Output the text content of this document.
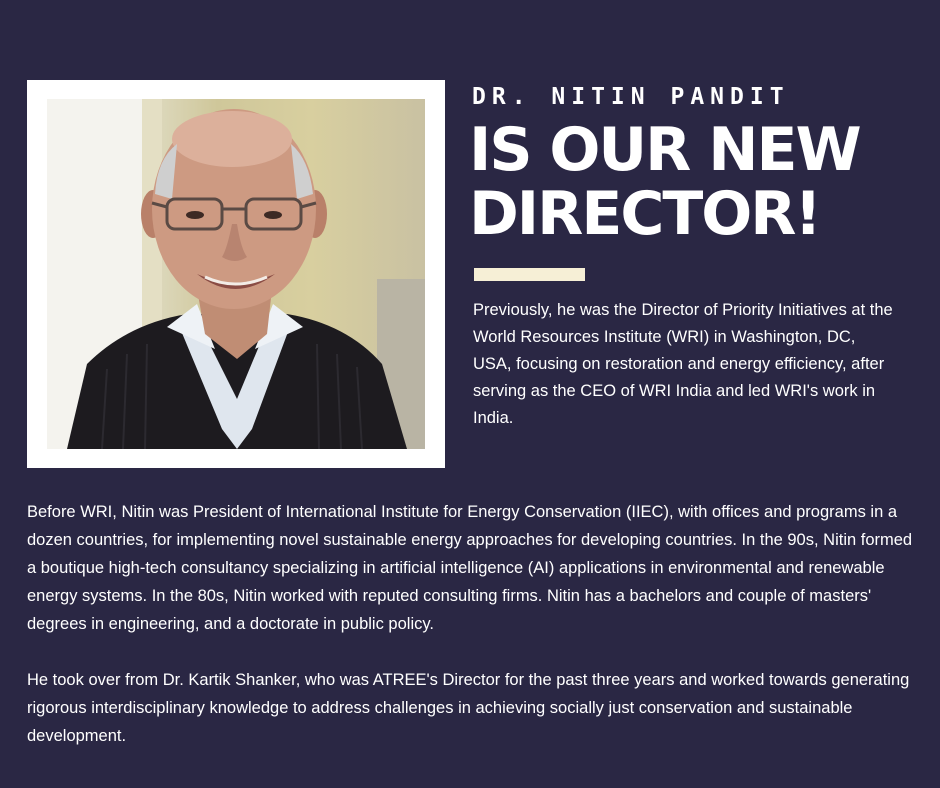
DR. NITIN PANDIT
IS OUR NEW DIRECTOR!

Previously, he was the Director of Priority Initiatives at the World Resources Institute (WRI) in Washington, DC, USA, focusing on restoration and energy efficiency, after serving as the CEO of WRI India and led WRI's work in India.

Before WRI, Nitin was President of International Institute for Energy Conservation (IIEC), with offices and programs in a dozen countries, for implementing novel sustainable energy approaches for developing countries. In the 90s, Nitin formed a boutique high-tech consultancy specializing in artificial intelligence (AI) applications in environmental and renewable energy systems. In the 80s, Nitin worked with reputed consulting firms. Nitin has a bachelors and couple of masters' degrees in engineering, and a doctorate in public policy.

He took over from Dr. Kartik Shanker, who was ATREE's Director for the past three years and worked towards generating rigorous interdisciplinary knowledge to address challenges in achieving socially just conservation and sustainable development.
